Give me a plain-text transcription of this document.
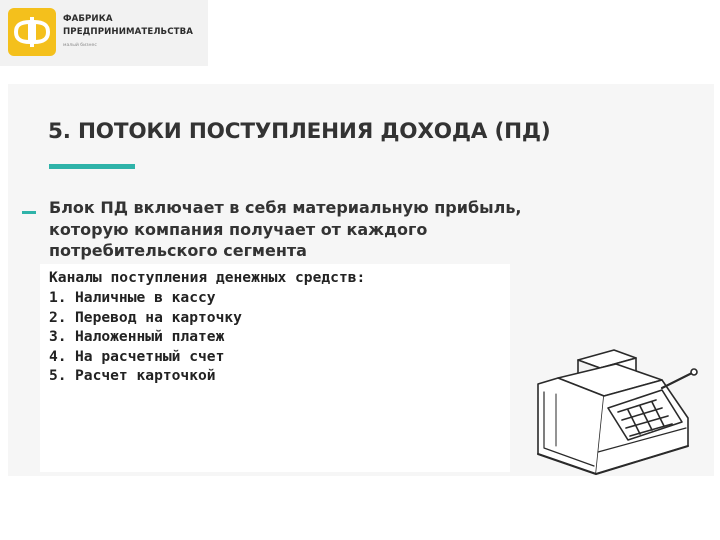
ФАБРИКА
ПРЕДПРИНИМАТЕЛЬСТВА
малый бизнес
5. ПОТОКИ ПОСТУПЛЕНИЯ ДОХОДА (ПД)
Блок ПД включает в себя материальную прибыль,
которую компания получает от каждого
потребительского сегмента
Каналы поступления денежных средств:
1. Наличные в кассу
2. Перевод на карточку
3. Наложенный платеж
4. На расчетный счет
5. Расчет карточкой
